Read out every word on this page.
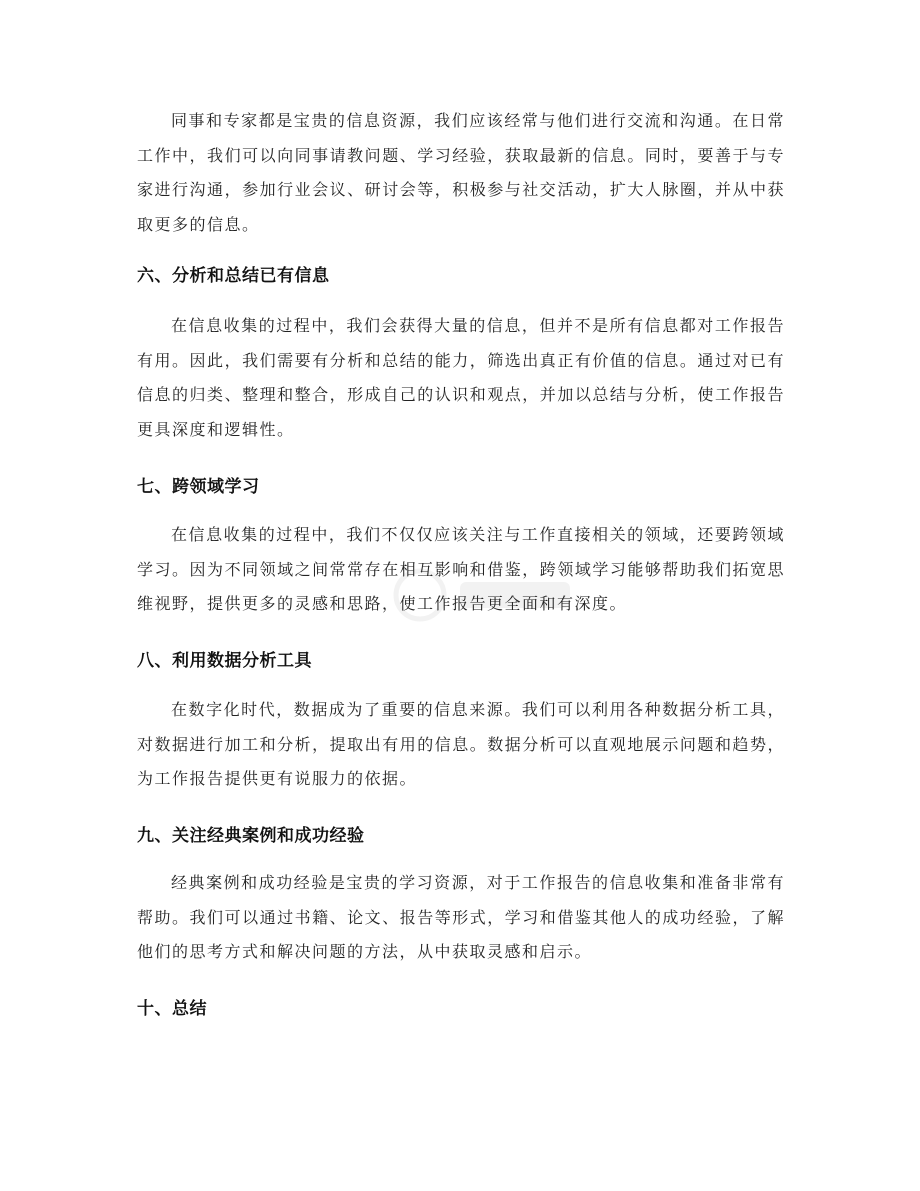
同事和专家都是宝贵的信息资源，我们应该经常与他们进行交流和沟通。在日常工作中，我们可以向同事请教问题、学习经验，获取最新的信息。同时，要善于与专家进行沟通，参加行业会议、研讨会等，积极参与社交活动，扩大人脉圈，并从中获取更多的信息。

六、分析和总结已有信息

在信息收集的过程中，我们会获得大量的信息，但并不是所有信息都对工作报告有用。因此，我们需要有分析和总结的能力，筛选出真正有价值的信息。通过对已有信息的归类、整理和整合，形成自己的认识和观点，并加以总结与分析，使工作报告更具深度和逻辑性。

七、跨领域学习

在信息收集的过程中，我们不仅仅应该关注与工作直接相关的领域，还要跨领域学习。因为不同领域之间常常存在相互影响和借鉴，跨领域学习能够帮助我们拓宽思维视野，提供更多的灵感和思路，使工作报告更全面和有深度。

八、利用数据分析工具

在数字化时代，数据成为了重要的信息来源。我们可以利用各种数据分析工具，对数据进行加工和分析，提取出有用的信息。数据分析可以直观地展示问题和趋势，为工作报告提供更有说服力的依据。

九、关注经典案例和成功经验

经典案例和成功经验是宝贵的学习资源，对于工作报告的信息收集和准备非常有帮助。我们可以通过书籍、论文、报告等形式，学习和借鉴其他人的成功经验，了解他们的思考方式和解决问题的方法，从中获取灵感和启示。

十、总结
